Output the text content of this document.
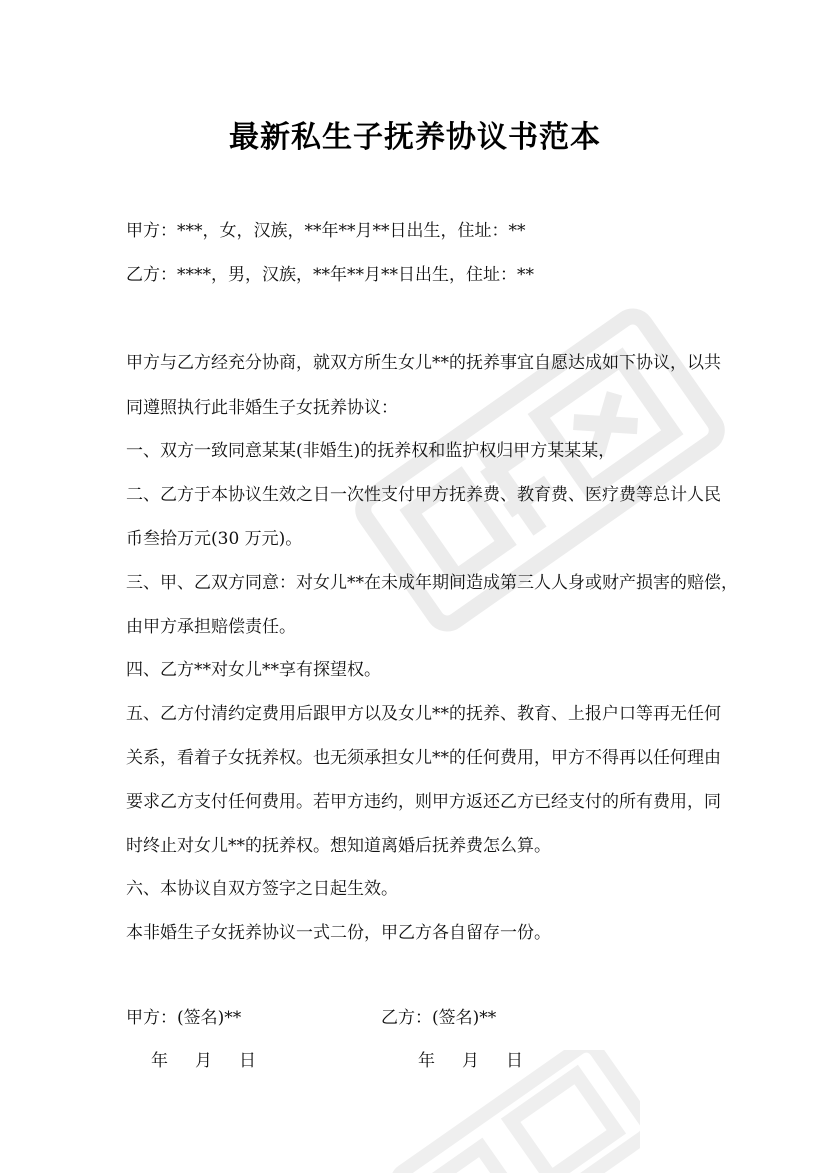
最新私生子抚养协议书范本
甲方：***，女，汉族，**年**月**日出生，住址：**
乙方：****，男，汉族，**年**月**日出生，住址：**
甲方与乙方经充分协商，就双方所生女儿**的抚养事宜自愿达成如下协议，以共
同遵照执行此非婚生子女抚养协议：
一、双方一致同意某某(非婚生)的抚养权和监护权归甲方某某某，
二、乙方于本协议生效之日一次性支付甲方抚养费、教育费、医疗费等总计人民
币叁拾万元(30 万元)。
三、甲、乙双方同意：对女儿**在未成年期间造成第三人人身或财产损害的赔偿，
由甲方承担赔偿责任。
四、乙方**对女儿**享有探望权。
五、乙方付清约定费用后跟甲方以及女儿**的抚养、教育、上报户口等再无任何
关系，看着子女抚养权。也无须承担女儿**的任何费用，甲方不得再以任何理由
要求乙方支付任何费用。若甲方违约，则甲方返还乙方已经支付的所有费用，同
时终止对女儿**的抚养权。想知道离婚后抚养费怎么算。
六、本协议自双方签字之日起生效。
本非婚生子女抚养协议一式二份，甲乙方各自留存一份。
甲方：(签名)**	乙方：(签名)**
年 月 日	年 月 日
